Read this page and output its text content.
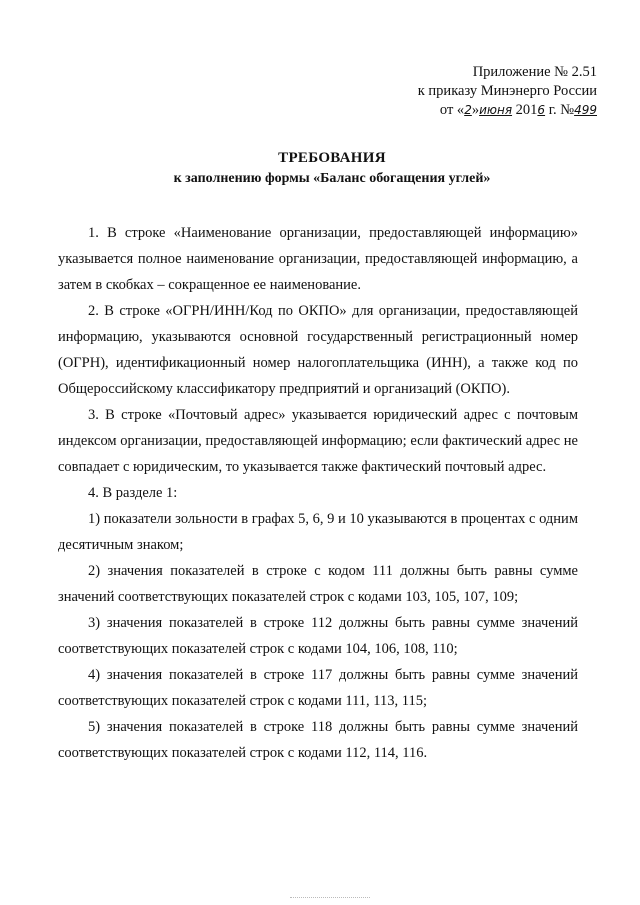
Приложение № 2.51
к приказу Минэнерго России
от «2»июня 2016 г. №499
ТРЕБОВАНИЯ
к заполнению формы «Баланс обогащения углей»

1. В строке «Наименование организации, предоставляющей информацию» указывается полное наименование организации, предоставляющей информацию, а затем в скобках – сокращенное ее наименование.

2. В строке «ОГРН/ИНН/Код по ОКПО» для организации, предоставляющей информацию, указываются основной государственный регистрационный номер (ОГРН), идентификационный номер налогоплательщика (ИНН), а также код по Общероссийскому классификатору предприятий и организаций (ОКПО).

3. В строке «Почтовый адрес» указывается юридический адрес с почтовым индексом организации, предоставляющей информацию; если фактический адрес не совпадает с юридическим, то указывается также фактический почтовый адрес.

4. В разделе 1:

1) показатели зольности в графах 5, 6, 9 и 10 указываются в процентах с одним десятичным знаком;

2) значения показателей в строке с кодом 111 должны быть равны сумме значений соответствующих показателей строк с кодами 103, 105, 107, 109;

3) значения показателей в строке 112 должны быть равны сумме значений соответствующих показателей строк с кодами 104, 106, 108, 110;

4) значения показателей в строке 117 должны быть равны сумме значений соответствующих показателей строк с кодами 111, 113, 115;

5) значения показателей в строке 118 должны быть равны сумме значений соответствующих показателей строк с кодами 112, 114, 116.
